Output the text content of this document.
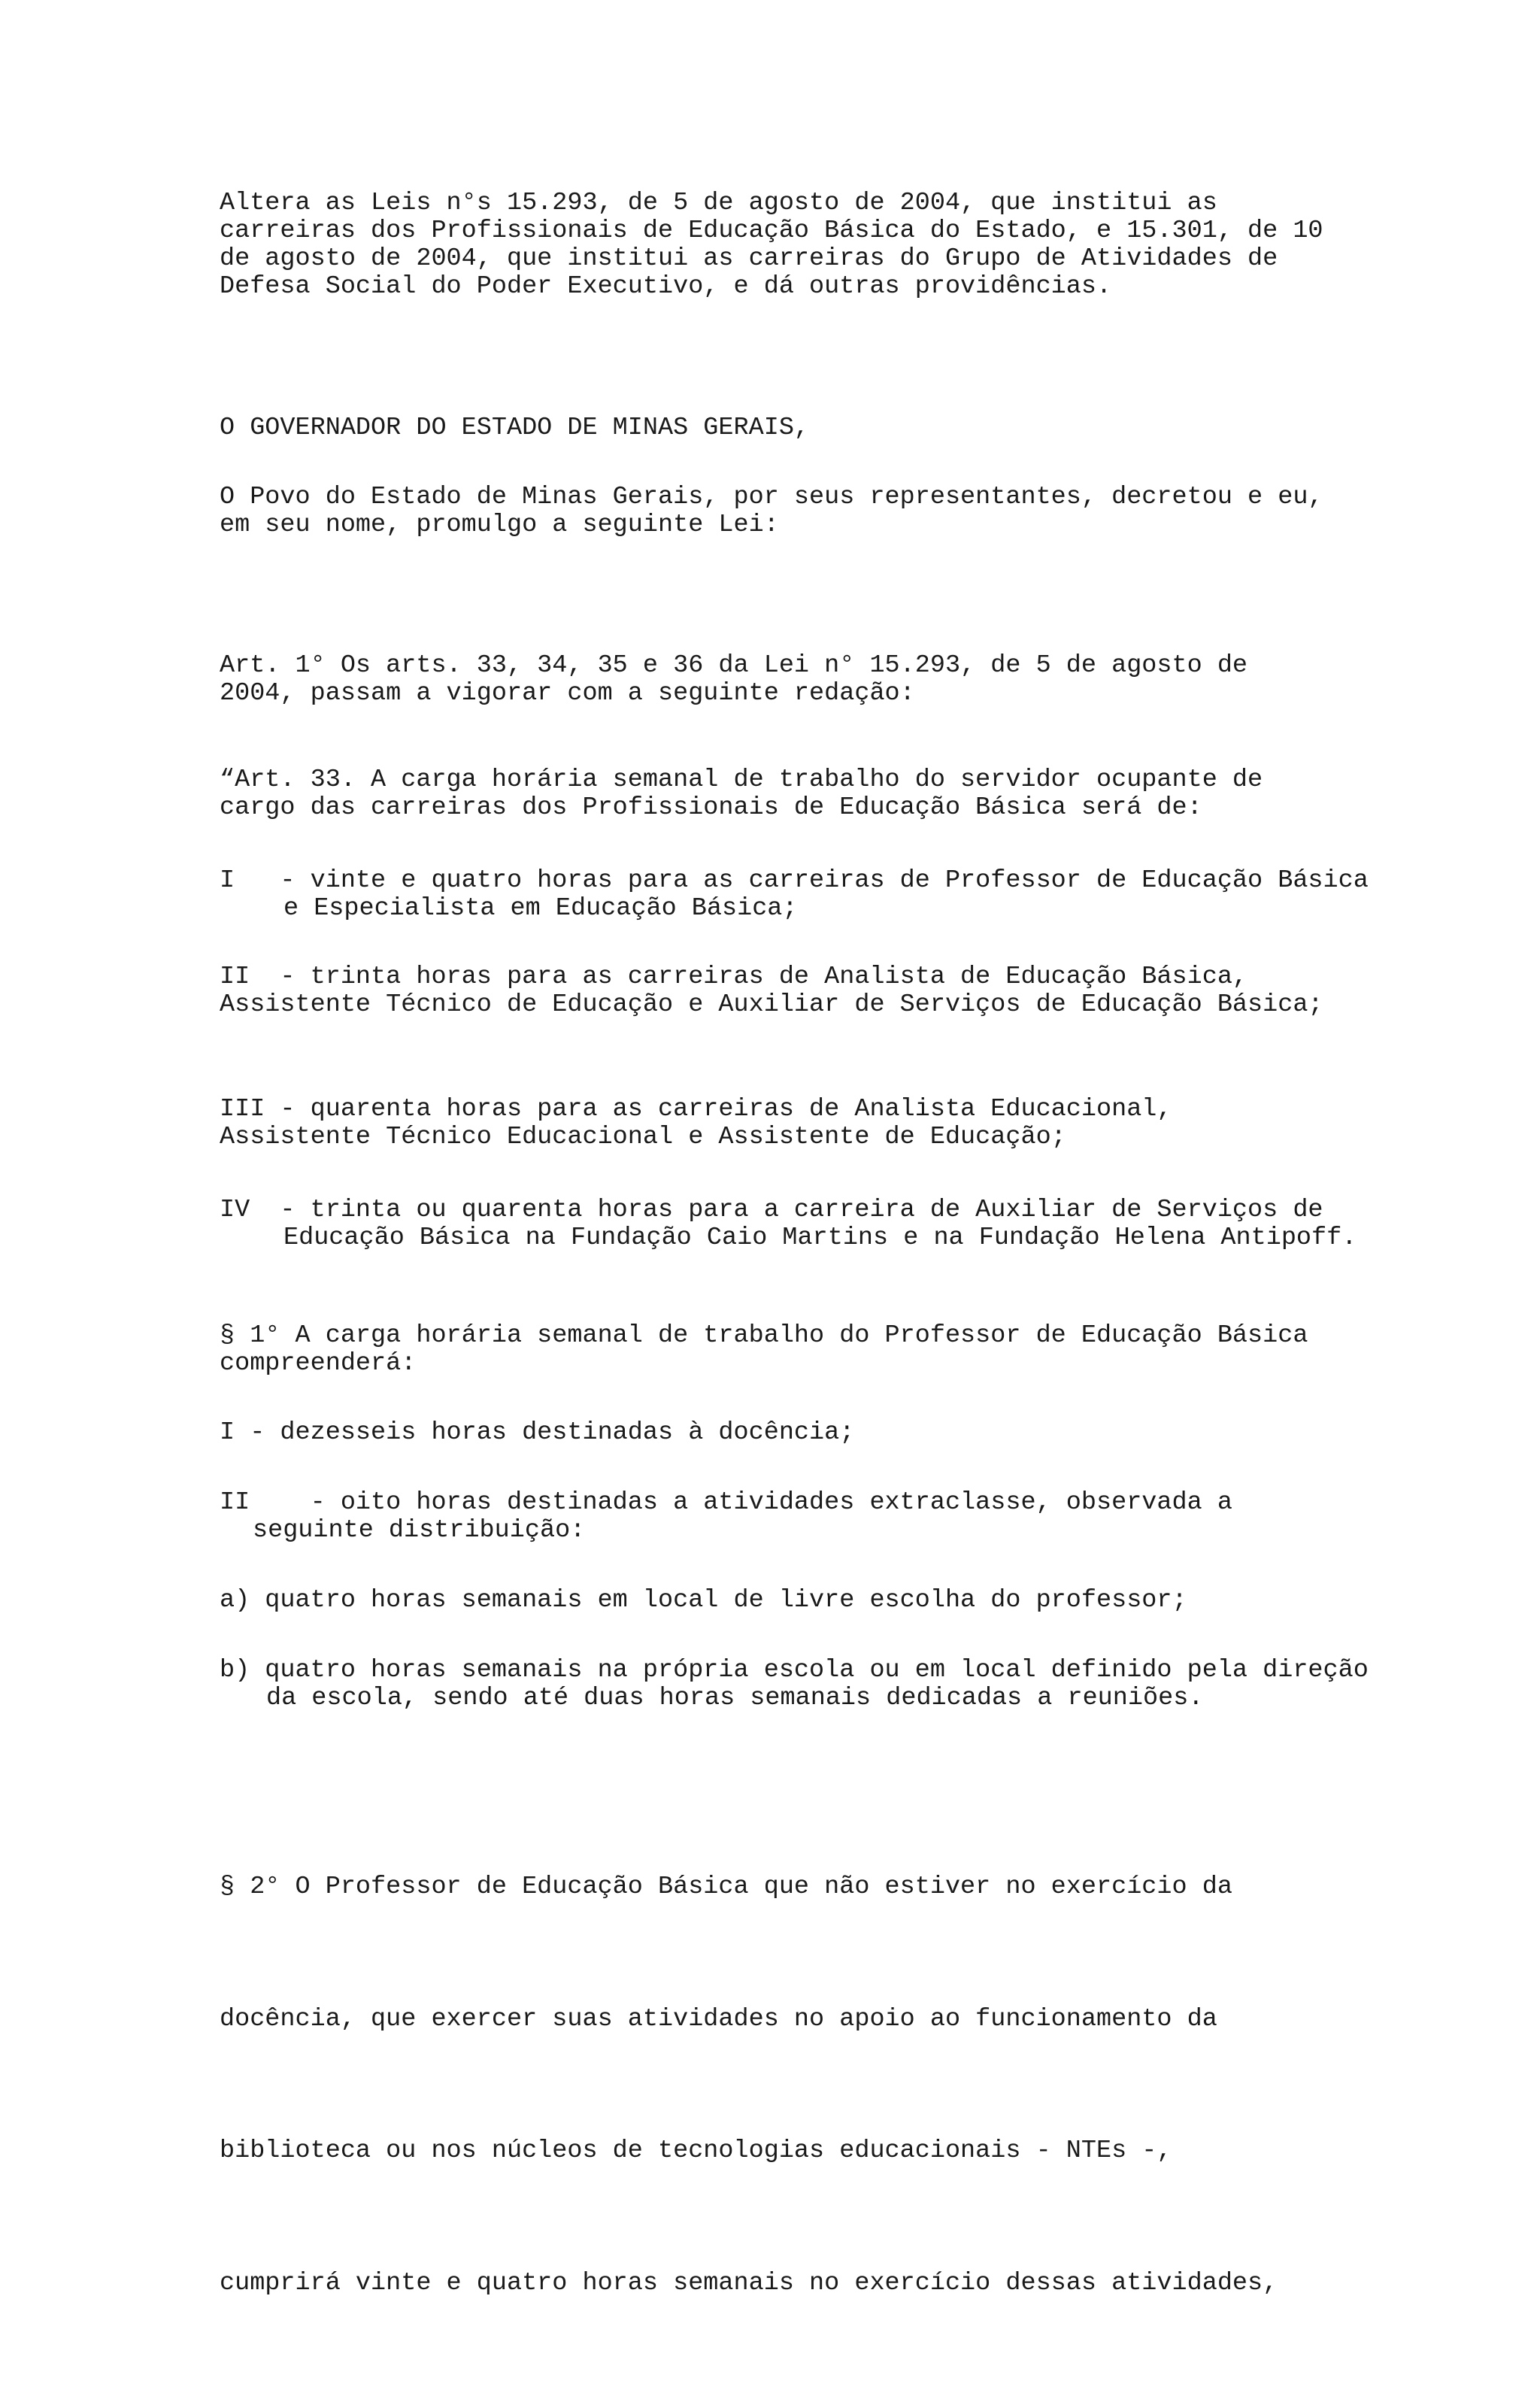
Altera as Leis n°s 15.293, de 5 de agosto de 2004, que institui as carreiras dos Profissionais de Educação Básica do Estado, e 15.301, de 10 de agosto de 2004, que institui as carreiras do Grupo de Atividades de Defesa Social do Poder Executivo, e dá outras providências.

O GOVERNADOR DO ESTADO DE MINAS GERAIS,

O Povo do Estado de Minas Gerais, por seus representantes, decretou e eu, em seu nome, promulgo a seguinte Lei:

Art. 1° Os arts. 33, 34, 35 e 36 da Lei n° 15.293, de 5 de agosto de 2004, passam a vigorar com a seguinte redação:

“Art. 33. A carga horária semanal de trabalho do servidor ocupante de cargo das carreiras dos Profissionais de Educação Básica será de:

I   - vinte e quatro horas para as carreiras de Professor de Educação Básica e Especialista em Educação Básica;

II  - trinta horas para as carreiras de Analista de Educação Básica, Assistente Técnico de Educação e Auxiliar de Serviços de Educação Básica;

III - quarenta horas para as carreiras de Analista Educacional, Assistente Técnico Educacional e Assistente de Educação;

IV  - trinta ou quarenta horas para a carreira de Auxiliar de Serviços de Educação Básica na Fundação Caio Martins e na Fundação Helena Antipoff.

§ 1° A carga horária semanal de trabalho do Professor de Educação Básica compreenderá:

I - dezesseis horas destinadas à docência;

II    - oito horas destinadas a atividades extraclasse, observada a seguinte distribuição:

a) quatro horas semanais em local de livre escolha do professor;

b) quatro horas semanais na própria escola ou em local definido pela direção da escola, sendo até duas horas semanais dedicadas a reuniões.

§ 2° O Professor de Educação Básica que não estiver no exercício da

docência, que exercer suas atividades no apoio ao funcionamento da

biblioteca ou nos núcleos de tecnologias educacionais - NTEs -,

cumprirá vinte e quatro horas semanais no exercício dessas atividades,
